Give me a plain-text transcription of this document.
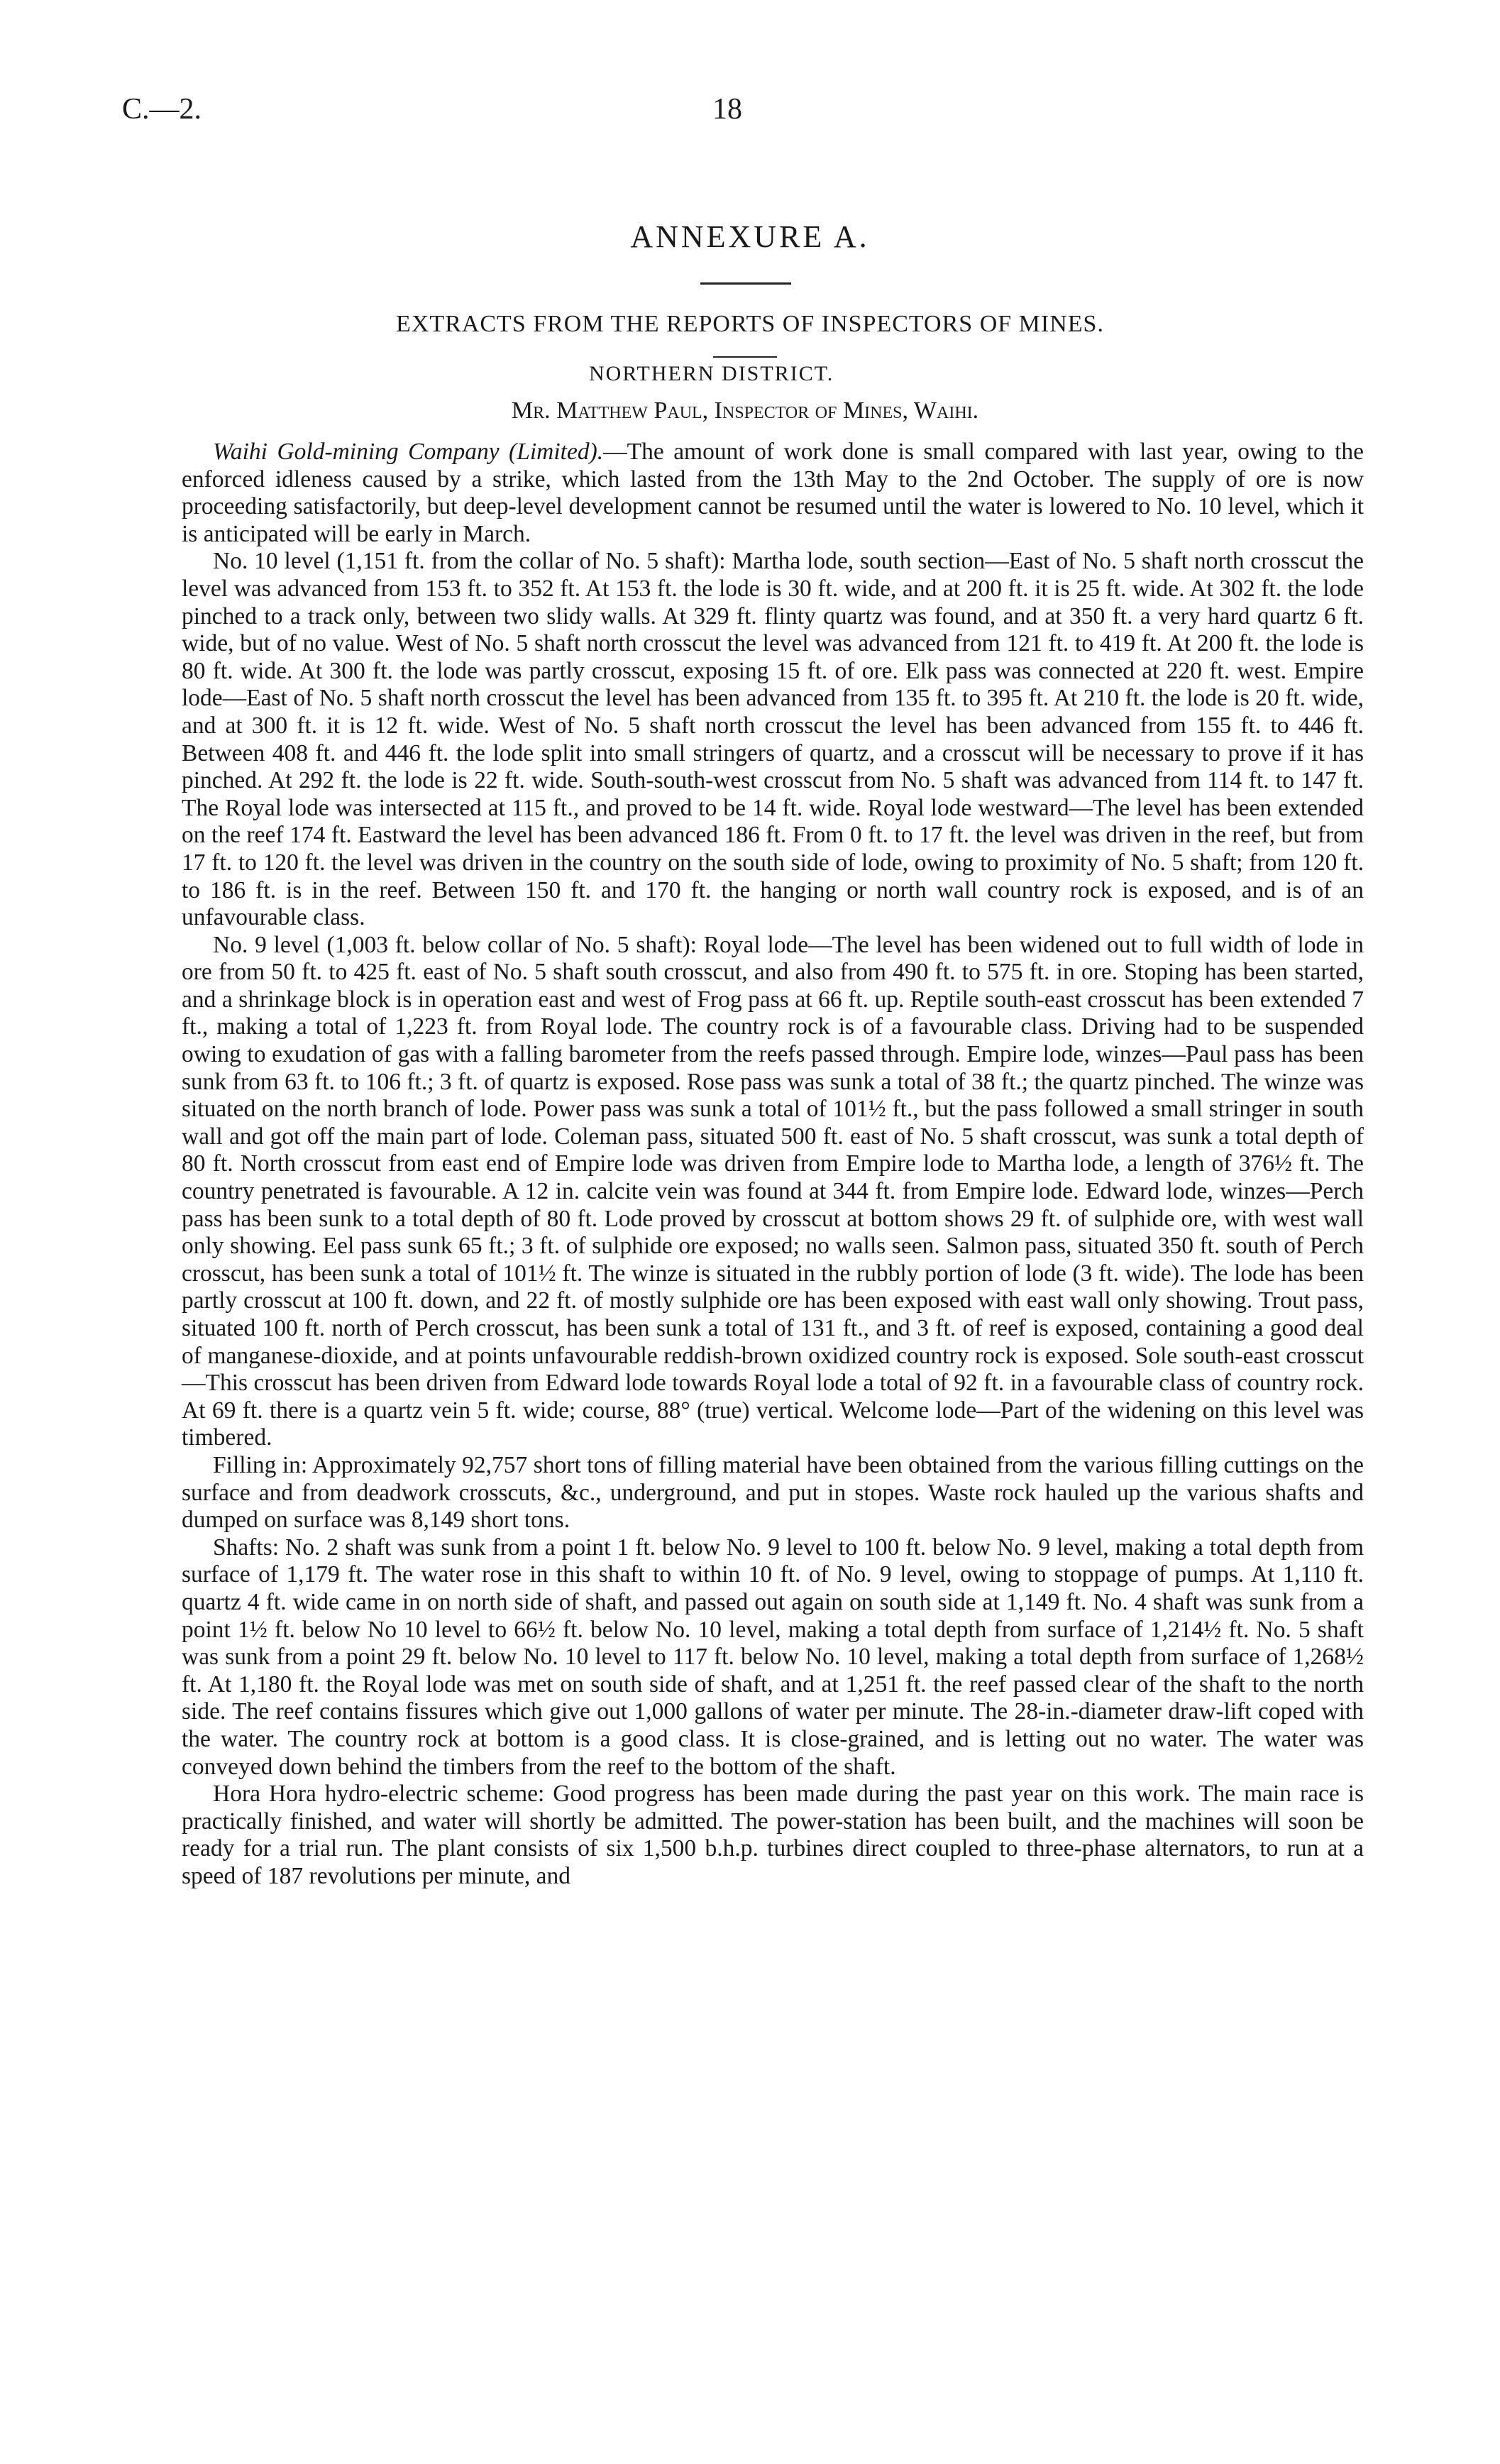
C.—2.	18
ANNEXURE A.
EXTRACTS FROM THE REPORTS OF INSPECTORS OF MINES.
NORTHERN DISTRICT.
Mr. Matthew Paul, Inspector of Mines, Waihi.

Waihi Gold-mining Company (Limited).—The amount of work done is small compared with last year, owing to the enforced idleness caused by a strike, which lasted from the 13th May to the 2nd October. The supply of ore is now proceeding satisfactorily, but deep-level development cannot be resumed until the water is lowered to No. 10 level, which it is anticipated will be early in March.

No. 10 level (1,151 ft. from the collar of No. 5 shaft): Martha lode, south section—East of No. 5 shaft north crosscut the level was advanced from 153 ft. to 352 ft. At 153 ft. the lode is 30 ft. wide, and at 200 ft. it is 25 ft. wide. At 302 ft. the lode pinched to a track only, between two slidy walls. At 329 ft. flinty quartz was found, and at 350 ft. a very hard quartz 6 ft. wide, but of no value. West of No. 5 shaft north crosscut the level was advanced from 121 ft. to 419 ft. At 200 ft. the lode is 80 ft. wide. At 300 ft. the lode was partly crosscut, exposing 15 ft. of ore. Elk pass was connected at 220 ft. west. Empire lode—East of No. 5 shaft north crosscut the level has been advanced from 135 ft. to 395 ft. At 210 ft. the lode is 20 ft. wide, and at 300 ft. it is 12 ft. wide. West of No. 5 shaft north crosscut the level has been advanced from 155 ft. to 446 ft. Between 408 ft. and 446 ft. the lode split into small stringers of quartz, and a crosscut will be necessary to prove if it has pinched. At 292 ft. the lode is 22 ft. wide. South-south-west crosscut from No. 5 shaft was advanced from 114 ft. to 147 ft. The Royal lode was intersected at 115 ft., and proved to be 14 ft. wide. Royal lode westward—The level has been extended on the reef 174 ft. Eastward the level has been advanced 186 ft. From 0 ft. to 17 ft. the level was driven in the reef, but from 17 ft. to 120 ft. the level was driven in the country on the south side of lode, owing to proximity of No. 5 shaft; from 120 ft. to 186 ft. is in the reef. Between 150 ft. and 170 ft. the hanging or north wall country rock is exposed, and is of an unfavourable class.

No. 9 level (1,003 ft. below collar of No. 5 shaft): Royal lode—The level has been widened out to full width of lode in ore from 50 ft. to 425 ft. east of No. 5 shaft south crosscut, and also from 490 ft. to 575 ft. in ore. Stoping has been started, and a shrinkage block is in operation east and west of Frog pass at 66 ft. up. Reptile south-east crosscut has been extended 7 ft., making a total of 1,223 ft. from Royal lode. The country rock is of a favourable class. Driving had to be suspended owing to exudation of gas with a falling barometer from the reefs passed through. Empire lode, winzes—Paul pass has been sunk from 63 ft. to 106 ft.; 3 ft. of quartz is exposed. Rose pass was sunk a total of 38 ft.; the quartz pinched. The winze was situated on the north branch of lode. Power pass was sunk a total of 101½ ft., but the pass followed a small stringer in south wall and got off the main part of lode. Coleman pass, situated 500 ft. east of No. 5 shaft crosscut, was sunk a total depth of 80 ft. North crosscut from east end of Empire lode was driven from Empire lode to Martha lode, a length of 376½ ft. The country penetrated is favourable. A 12 in. calcite vein was found at 344 ft. from Empire lode. Edward lode, winzes—Perch pass has been sunk to a total depth of 80 ft. Lode proved by crosscut at bottom shows 29 ft. of sulphide ore, with west wall only showing. Eel pass sunk 65 ft.; 3 ft. of sulphide ore exposed; no walls seen. Salmon pass, situated 350 ft. south of Perch crosscut, has been sunk a total of 101½ ft. The winze is situated in the rubbly portion of lode (3 ft. wide). The lode has been partly crosscut at 100 ft. down, and 22 ft. of mostly sulphide ore has been exposed with east wall only showing. Trout pass, situated 100 ft. north of Perch crosscut, has been sunk a total of 131 ft., and 3 ft. of reef is exposed, containing a good deal of manganese-dioxide, and at points unfavourable reddish-brown oxidized country rock is exposed. Sole south-east crosscut—This crosscut has been driven from Edward lode towards Royal lode a total of 92 ft. in a favourable class of country rock. At 69 ft. there is a quartz vein 5 ft. wide; course, 88° (true) vertical. Welcome lode—Part of the widening on this level was timbered.

Filling in: Approximately 92,757 short tons of filling material have been obtained from the various filling cuttings on the surface and from deadwork crosscuts, &c., underground, and put in stopes. Waste rock hauled up the various shafts and dumped on surface was 8,149 short tons.

Shafts: No. 2 shaft was sunk from a point 1 ft. below No. 9 level to 100 ft. below No. 9 level, making a total depth from surface of 1,179 ft. The water rose in this shaft to within 10 ft. of No. 9 level, owing to stoppage of pumps. At 1,110 ft. quartz 4 ft. wide came in on north side of shaft, and passed out again on south side at 1,149 ft. No. 4 shaft was sunk from a point 1½ ft. below No 10 level to 66½ ft. below No. 10 level, making a total depth from surface of 1,214½ ft. No. 5 shaft was sunk from a point 29 ft. below No. 10 level to 117 ft. below No. 10 level, making a total depth from surface of 1,268½ ft. At 1,180 ft. the Royal lode was met on south side of shaft, and at 1,251 ft. the reef passed clear of the shaft to the north side. The reef contains fissures which give out 1,000 gallons of water per minute. The 28-in.-diameter draw-lift coped with the water. The country rock at bottom is a good class. It is close-grained, and is letting out no water. The water was conveyed down behind the timbers from the reef to the bottom of the shaft.

Hora Hora hydro-electric scheme: Good progress has been made during the past year on this work. The main race is practically finished, and water will shortly be admitted. The power-station has been built, and the machines will soon be ready for a trial run. The plant consists of six 1,500 b.h.p. turbines direct coupled to three-phase alternators, to run at a speed of 187 revolutions per minute, and
